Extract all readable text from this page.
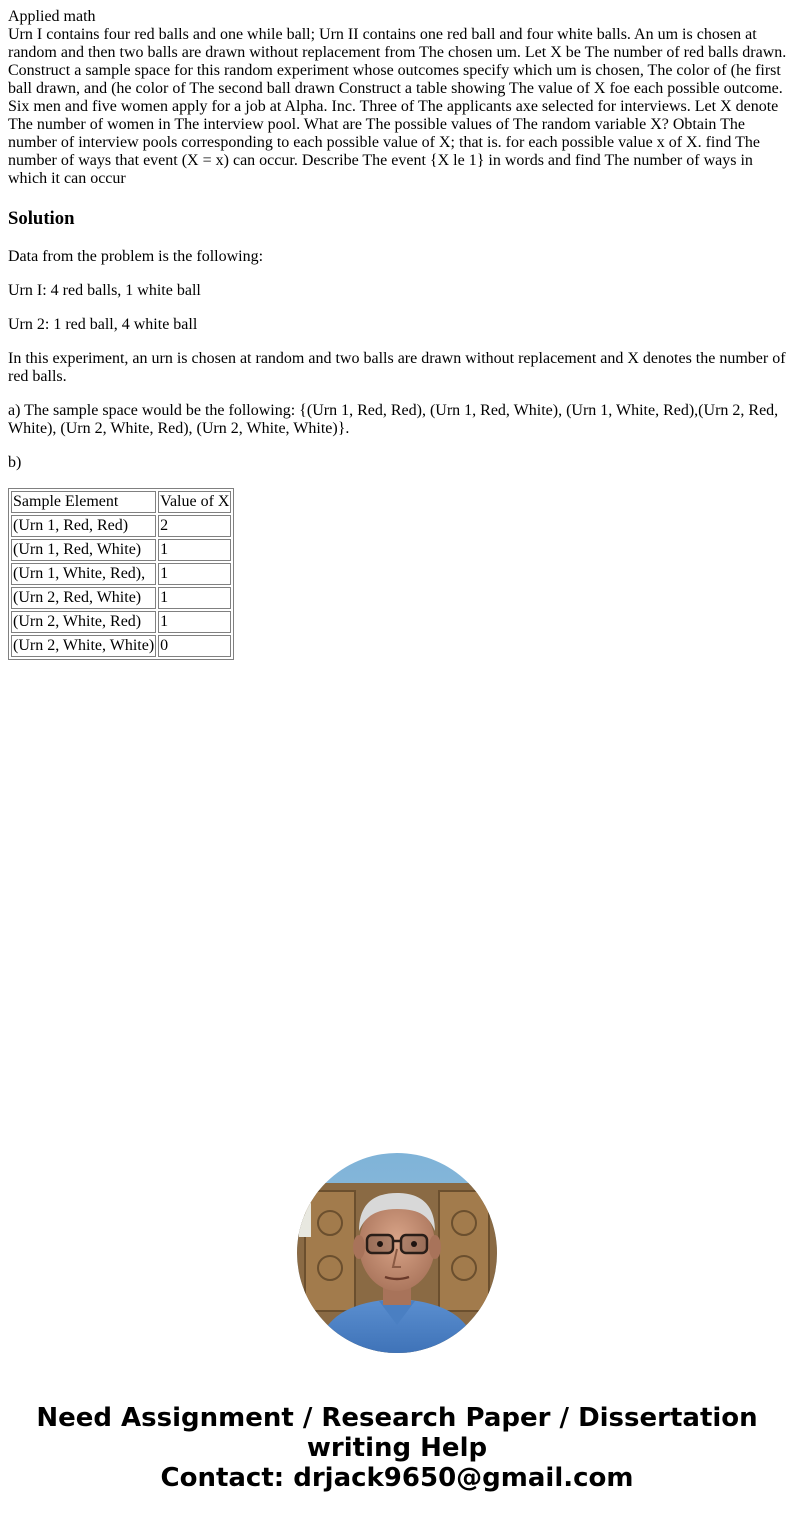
Applied math
Urn I contains four red balls and one while ball; Urn II contains one red ball and four white balls. An um is chosen at random and then two balls are drawn without replacement from The chosen um. Let X be The number of red balls drawn. Construct a sample space for this random experiment whose outcomes specify which um is chosen, The color of (he first ball drawn, and (he color of The second ball drawn Construct a table showing The value of X foe each possible outcome. Six men and five women apply for a job at Alpha. Inc. Three of The applicants axe selected for interviews. Let X denote The number of women in The interview pool. What are The possible values of The random variable X? Obtain The number of interview pools corresponding to each possible value of X; that is. for each possible value x of X. find The number of ways that event (X = x) can occur. Describe The event {X le 1} in words and find The number of ways in which it can occur
Solution

Data from the problem is the following:

Urn I: 4 red balls, 1 white ball

Urn 2: 1 red ball, 4 white ball

In this experiment, an urn is chosen at random and two balls are drawn without replacement and X denotes the number of red balls.

a) The sample space would be the following: {(Urn 1, Red, Red), (Urn 1, Red, White), (Urn 1, White, Red),(Urn 2, Red, White), (Urn 2, White, Red), (Urn 2, White, White)}.

b)

Sample Element	Value of X
(Urn 1, Red, Red)	2
(Urn 1, Red, White)	1
(Urn 1, White, Red),	1
(Urn 2, Red, White)	1
(Urn 2, White, Red)	1
(Urn 2, White, White)	0
Need Assignment / Research Paper / Dissertation
writing Help
Contact: drjack9650@gmail.com
